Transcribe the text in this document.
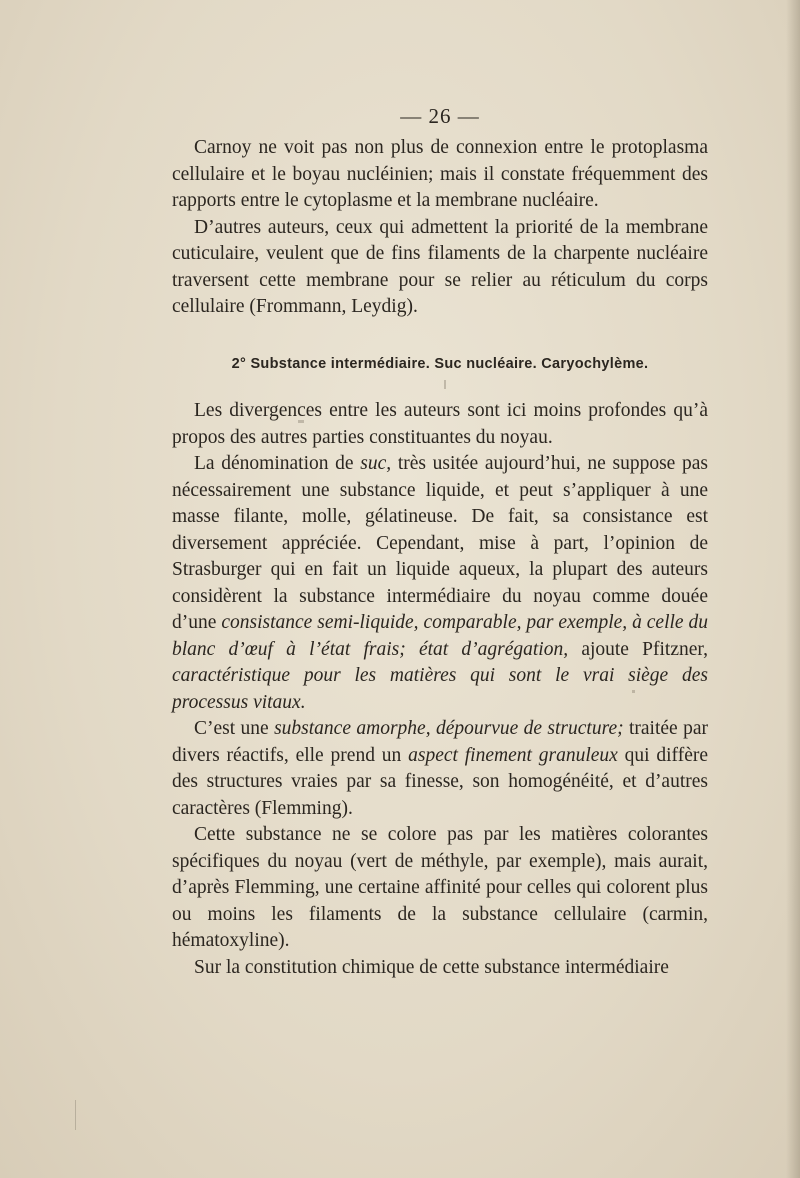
— 26 —

Carnoy ne voit pas non plus de connexion entre le protoplasma cellulaire et le boyau nucléinien; mais il constate fréquemment des rapports entre le cytoplasme et la membrane nucléaire.

D’autres auteurs, ceux qui admettent la priorité de la membrane cuticulaire, veulent que de fins filaments de la charpente nucléaire traversent cette membrane pour se relier au réticulum du corps cellulaire (Frommann, Leydig).

2° Substance intermédiaire. Suc nucléaire. Caryochylème.

Les divergences entre les auteurs sont ici moins profondes qu’à propos des autres parties constituantes du noyau.

La dénomination de suc, très usitée aujourd’hui, ne suppose pas nécessairement une substance liquide, et peut s’appliquer à une masse filante, molle, gélatineuse. De fait, sa consistance est diversement appréciée. Cependant, mise à part, l’opinion de Strasburger qui en fait un liquide aqueux, la plupart des auteurs considèrent la substance intermédiaire du noyau comme douée d’une consistance semi-liquide, comparable, par exemple, à celle du blanc d’œuf à l’état frais; état d’agrégation, ajoute Pfitzner, caractéristique pour les matières qui sont le vrai siège des processus vitaux.

C’est une substance amorphe, dépourvue de structure; traitée par divers réactifs, elle prend un aspect finement granuleux qui diffère des structures vraies par sa finesse, son homogénéité, et d’autres caractères (Flemming).

Cette substance ne se colore pas par les matières colorantes spécifiques du noyau (vert de méthyle, par exemple), mais aurait, d’après Flemming, une certaine affinité pour celles qui colorent plus ou moins les filaments de la substance cellulaire (carmin, hématoxyline).

Sur la constitution chimique de cette substance intermédiaire
